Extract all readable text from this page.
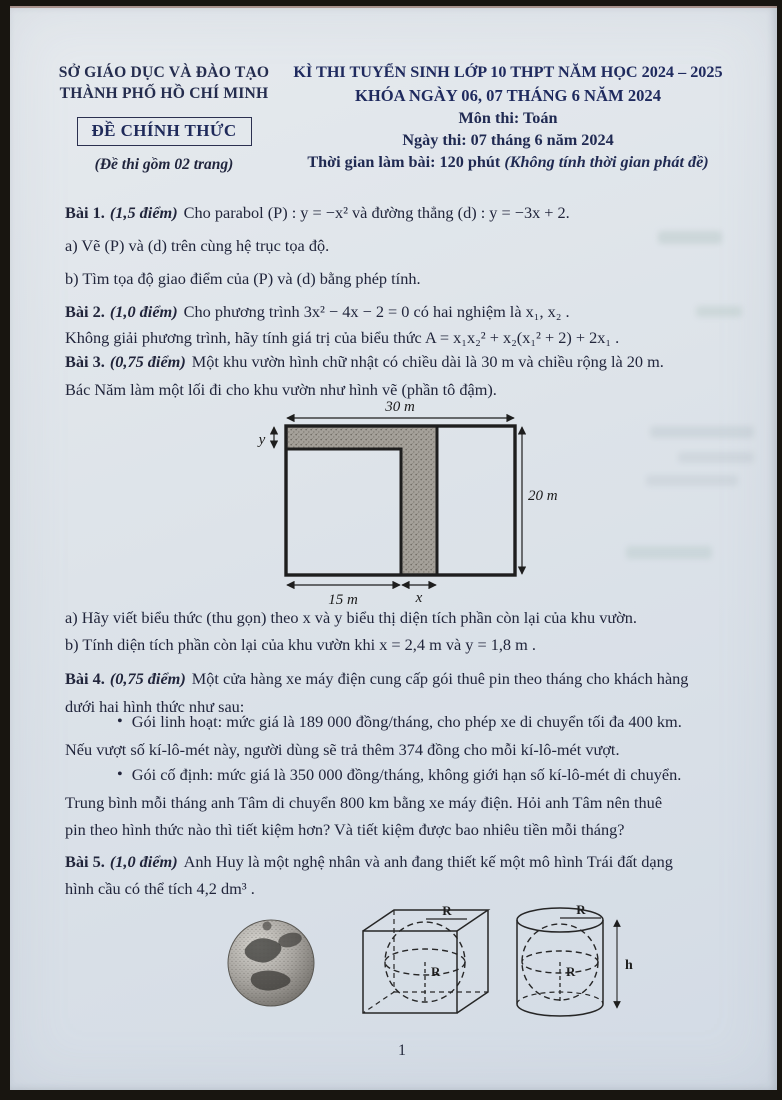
SỞ GIÁO DỤC VÀ ĐÀO TẠO
THÀNH PHỐ HỒ CHÍ MINH
ĐỀ CHÍNH THỨC
(Đề thi gồm 02 trang)
KÌ THI TUYỂN SINH LỚP 10 THPT NĂM HỌC 2024 – 2025
KHÓA NGÀY 06, 07 THÁNG 6 NĂM 2024
Môn thi: Toán
Ngày thi: 07 tháng 6 năm 2024
Thời gian làm bài: 120 phút (Không tính thời gian phát đề)
Bài 1. (1,5 điểm) Cho parabol (P) : y = −x² và đường thẳng (d) : y = −3x + 2.
a) Vẽ (P) và (d) trên cùng hệ trục tọa độ.
b) Tìm tọa độ giao điểm của (P) và (d) bằng phép tính.
Bài 2. (1,0 điểm) Cho phương trình 3x² − 4x − 2 = 0 có hai nghiệm là x₁, x₂ .
Không giải phương trình, hãy tính giá trị của biểu thức A = x₁x₂² + x₂(x₁² + 2) + 2x₁ .
Bài 3. (0,75 điểm) Một khu vườn hình chữ nhật có chiều dài là 30 m và chiều rộng là 20 m.
Bác Năm làm một lối đi cho khu vườn như hình vẽ (phần tô đậm).
30 m
y
20 m
15 m	x
a) Hãy viết biểu thức (thu gọn) theo x và y biểu thị diện tích phần còn lại của khu vườn.
b) Tính diện tích phần còn lại của khu vườn khi x = 2,4 m và y = 1,8 m .
Bài 4. (0,75 điểm) Một cửa hàng xe máy điện cung cấp gói thuê pin theo tháng cho khách hàng
dưới hai hình thức như sau:
• Gói linh hoạt: mức giá là 189 000 đồng/tháng, cho phép xe di chuyển tối đa 400 km.
Nếu vượt số kí-lô-mét này, người dùng sẽ trả thêm 374 đồng cho mỗi kí-lô-mét vượt.
• Gói cố định: mức giá là 350 000 đồng/tháng, không giới hạn số kí-lô-mét di chuyển.
Trung bình mỗi tháng anh Tâm di chuyển 800 km bằng xe máy điện. Hỏi anh Tâm nên thuê
pin theo hình thức nào thì tiết kiệm hơn? Và tiết kiệm được bao nhiêu tiền mỗi tháng?
Bài 5. (1,0 điểm) Anh Huy là một nghệ nhân và anh đang thiết kế một mô hình Trái đất dạng
hình cầu có thể tích 4,2 dm³ .
R
R
R
R	h
1
